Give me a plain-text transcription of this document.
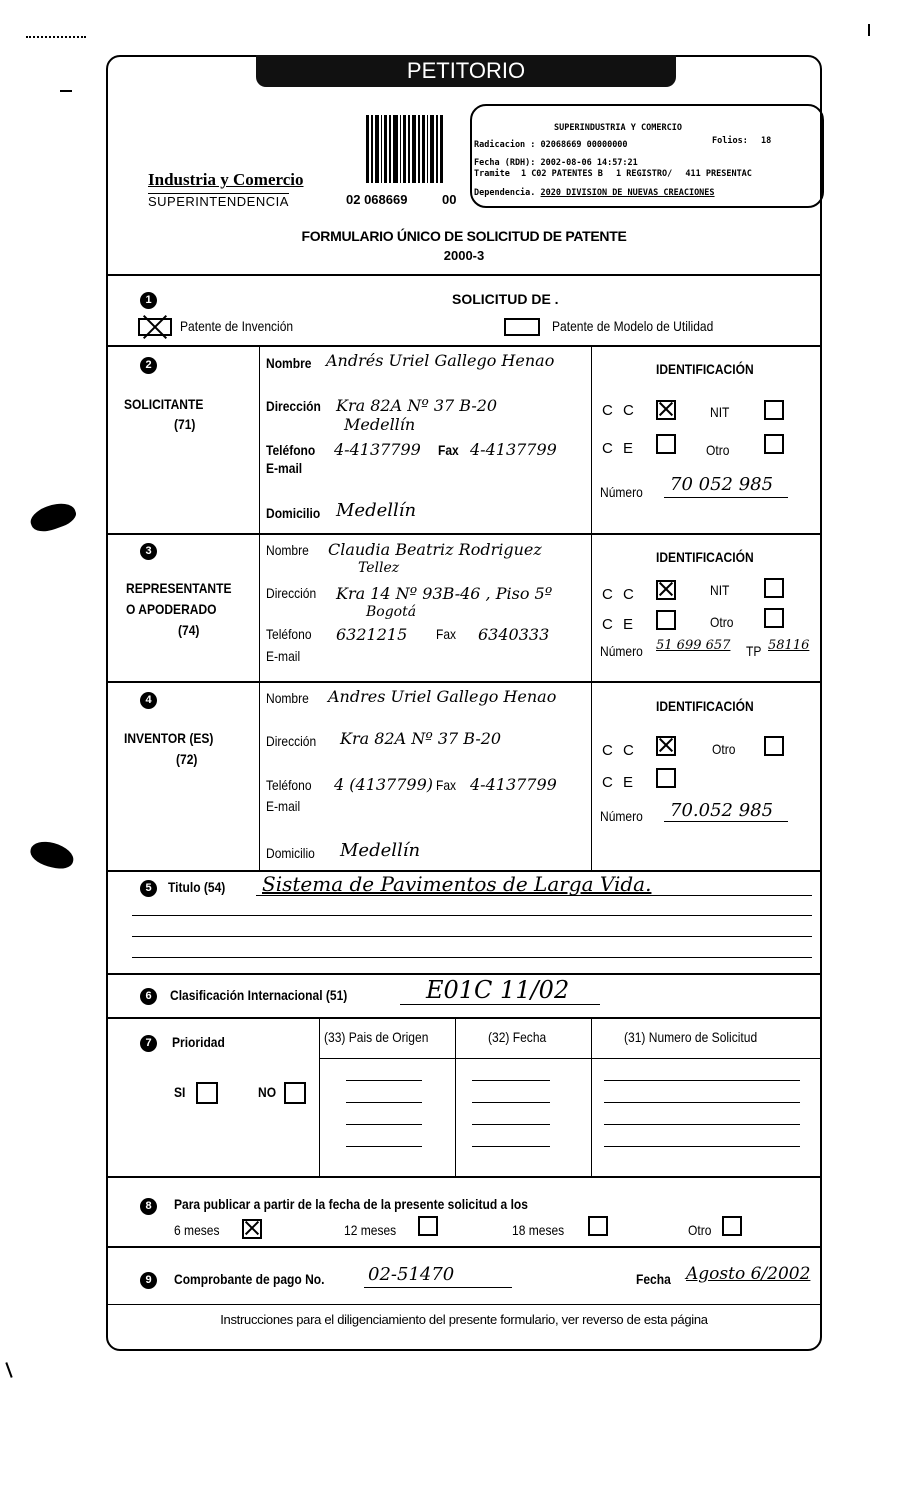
PETITORIO
Industria y Comercio
SUPERINTENDENCIA	02 068669	00
SUPERINDUSTRIA Y COMERCIO
Radicacion : 02068669 00000000	Folios: 18
Fecha (RDH): 2002-08-06 14:57:21
Tramite 1 C02 PATENTES B 1 REGISTRO/ 411 PRESENTAC
Dependencia. 2020 DIVISION DE NUEVAS CREACIONES
FORMULARIO ÚNICO DE SOLICITUD DE PATENTE
2000-3
1	SOLICITUD DE .
Patente de Invención	Patente de Modelo de Utilidad
2
SOLICITANTE
(71)
Nombre Andrés Uriel Gallego Henao
Dirección Kra 82A Nº 37 B-20
Medellín
Teléfono 4-4137799 Fax 4-4137799
E-mail
Domicilio Medellín
IDENTIFICACIÓN
C C	NIT
C E	Otro
Número 70 052 985
3
REPRESENTANTE
O APODERADO
(74)
Nombre Claudia Beatriz Rodriguez
Tellez
Dirección Kra 14 Nº 93B-46 , Piso 5º
Bogotá
Teléfono 6321215 Fax 6340333
E-mail
IDENTIFICACIÓN
C C	NIT
C E	Otro
Número 51 699 657 TP 58116
4
INVENTOR (ES)
(72)
Nombre Andres Uriel Gallego Henao
Dirección Kra 82A Nº 37 B-20
Teléfono 4 (4137799) Fax 4-4137799
E-mail
Domicilio Medellín
IDENTIFICACIÓN
C C	Otro
C E
Número 70.052 985
5	Titulo (54) Sistema de Pavimentos de Larga Vida.
6	Clasificación Internacional (51)	E01C 11/02
7	Prioridad
SI	NO
(33) Pais de Origen	(32) Fecha	(31) Numero de Solicitud
8	Para publicar a partir de la fecha de la presente solicitud a los
6 meses	12 meses	18 meses	Otro
9	Comprobante de pago No. 02-51470	Fecha Agosto 6/2002
Instrucciones para el diligenciamiento del presente formulario, ver reverso de esta página
